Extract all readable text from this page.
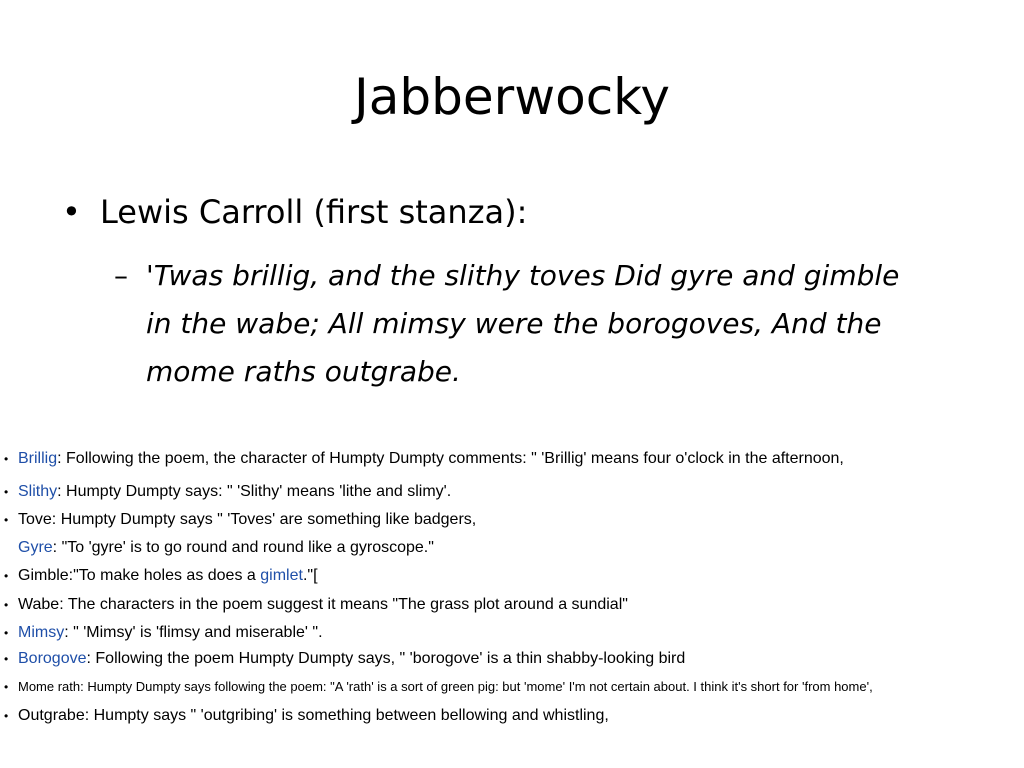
Jabberwocky
• Lewis Carroll (first stanza):
– 'Twas brillig, and the slithy toves Did gyre and gimble in the wabe; All mimsy were the borogoves, And the mome raths outgrabe.
• Brillig: Following the poem, the character of Humpty Dumpty comments: " 'Brillig' means four o'clock in the afternoon,
• Slithy: Humpty Dumpty says: " 'Slithy' means 'lithe and slimy'.
• Tove: Humpty Dumpty says " 'Toves' are something like badgers,
Gyre: "To 'gyre' is to go round and round like a gyroscope."
• Gimble:"To make holes as does a gimlet."[
• Wabe: The characters in the poem suggest it means "The grass plot around a sundial"
• Mimsy: " 'Mimsy' is 'flimsy and miserable' ".
• Borogove: Following the poem Humpty Dumpty says, " 'borogove' is a thin shabby-looking bird
• Mome rath: Humpty Dumpty says following the poem: "A 'rath' is a sort of green pig: but 'mome' I'm not certain about. I think it's short for 'from home',
• Outgrabe: Humpty says " 'outgribing' is something between bellowing and whistling,
